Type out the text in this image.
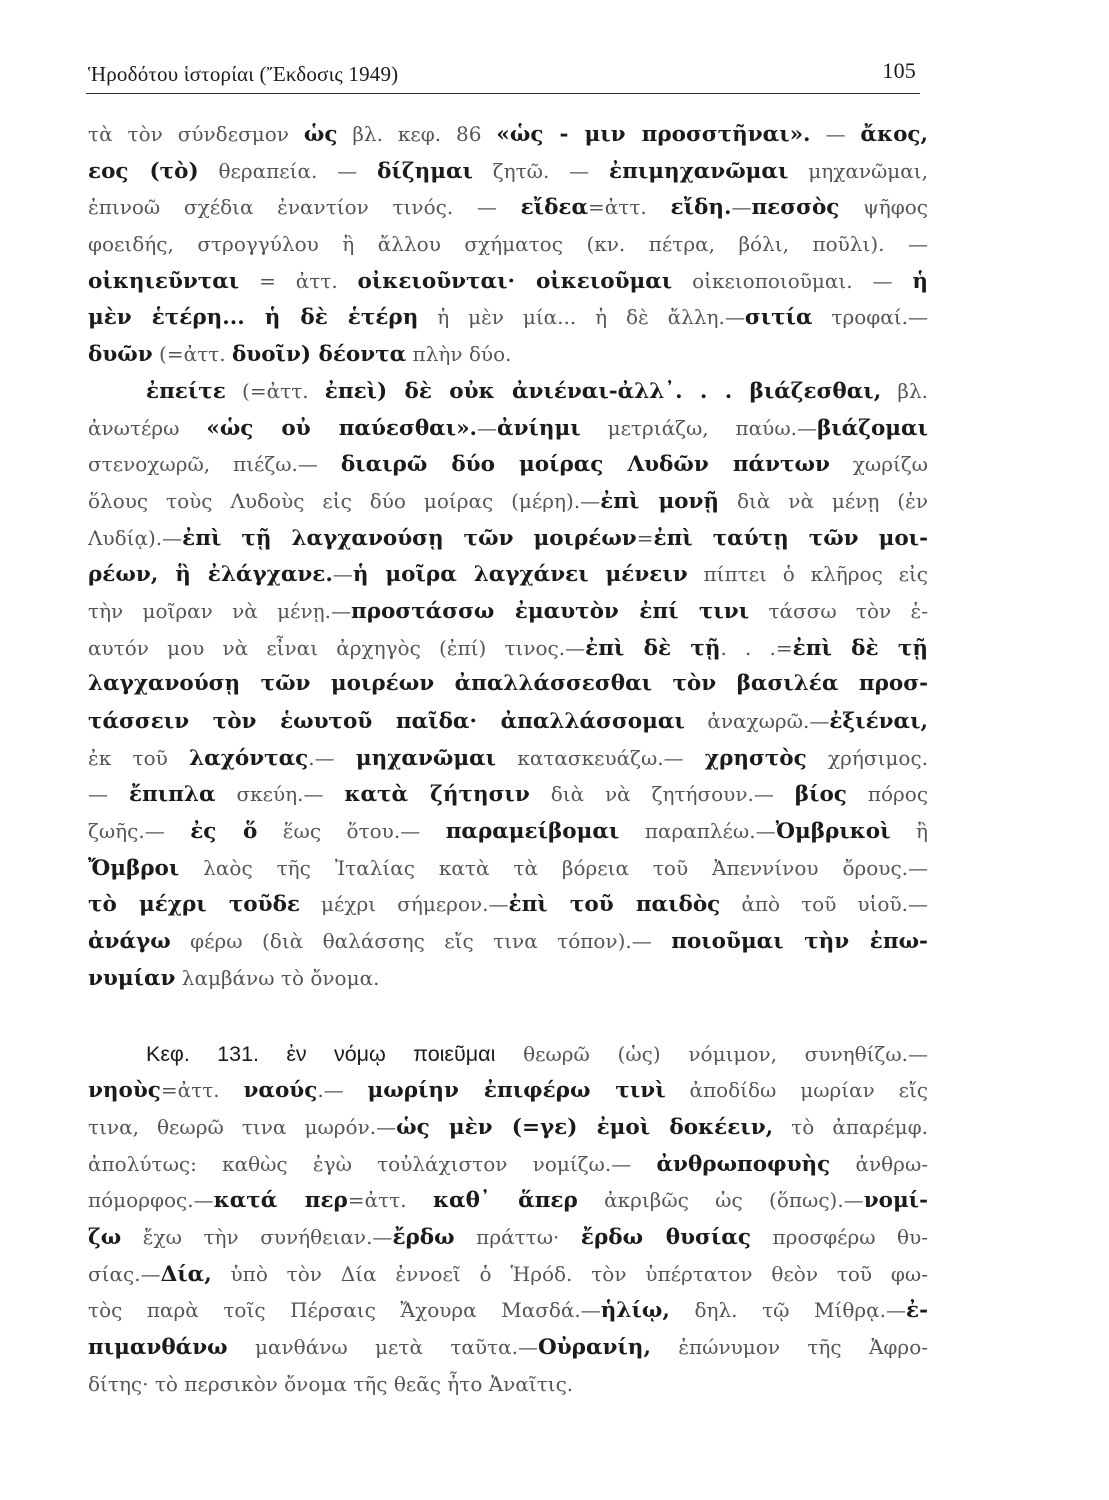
Ἡροδότου ἱστορίαι (Ἔκδοσις 1949)	105
τὰ τὸν σύνδεσμον ὡς βλ. κεφ. 86 «ὡς - μιν προσστῆναι». — ἄκος,
εος (τὸ) θεραπεία. — δίζημαι ζητῶ. — ἐπιμηχανῶμαι μηχανῶμαι,
ἐπινοῶ σχέδια ἐναντίον τινός. — εἴδεα=ἀττ. εἴδη.—πεσσὸς ψῆφος
φοειδής, στρογγύλου ἢ ἄλλου σχήματος (κν. πέτρα, βόλι, ποῦλι). —
οἰκηιεῦνται = ἀττ. οἰκειοῦνται· οἰκειοῦμαι οἰκειοποιοῦμαι. — ἡ
μὲν ἑτέρη... ἡ δὲ ἑτέρη ἡ μὲν μία... ἡ δὲ ἄλλη.—σιτία τροφαί.—
δυῶν (=ἀττ. δυοῖν) δέοντα πλὴν δύο.
ἐπείτε (=ἀττ. ἐπεὶ) δὲ οὐκ ἀνιέναι-ἀλλ᾽. . . βιάζεσθαι, βλ.
ἀνωτέρω «ὡς οὐ παύεσθαι».—ἀνίημι μετριάζω, παύω.—βιάζομαι
στενοχωρῶ, πιέζω.— διαιρῶ δύο μοίρας Λυδῶν πάντων χωρίζω
ὅλους τοὺς Λυδοὺς εἰς δύο μοίρας (μέρη).—ἐπὶ μονῇ διὰ νὰ μένῃ (ἐν
Λυδίᾳ).—ἐπὶ τῇ λαγχανούσῃ τῶν μοιρέων=ἐπὶ ταύτῃ τῶν μοι-
ρέων, ἣ ἐλάγχανε.—ἡ μοῖρα λαγχάνει μένειν πίπτει ὁ κλῆρος εἰς
τὴν μοῖραν νὰ μένῃ.—προστάσσω ἐμαυτὸν ἐπί τινι τάσσω τὸν ἑ-
αυτόν μου νὰ εἶναι ἀρχηγὸς (ἐπί) τινος.—ἐπὶ δὲ τῇ. . .=ἐπὶ δὲ τῇ
λαγχανούσῃ τῶν μοιρέων ἀπαλλάσσεσθαι τὸν βασιλέα προσ-
τάσσειν τὸν ἑωυτοῦ παῖδα· ἀπαλλάσσομαι ἀναχωρῶ.—ἐξιέναι,
ἐκ τοῦ λαχόντας.— μηχανῶμαι κατασκευάζω.— χρηστὸς χρήσιμος.
— ἔπιπλα σκεύη.— κατὰ ζήτησιν διὰ νὰ ζητήσουν.— βίος πόρος
ζωῆς.— ἐς ὅ ἕως ὅτου.— παραμείβομαι παραπλέω.—Ὀμβρικοὶ ἢ
Ὄμβροι λαὸς τῆς Ἰταλίας κατὰ τὰ βόρεια τοῦ Ἀπεννίνου ὄρους.—
τὸ μέχρι τοῦδε μέχρι σήμερον.—ἐπὶ τοῦ παιδὸς ἀπὸ τοῦ υἱοῦ.—
ἀνάγω φέρω (διὰ θαλάσσης εἴς τινα τόπον).— ποιοῦμαι τὴν ἐπω-
νυμίαν λαμβάνω τὸ ὄνομα.
Κεφ. 131. ἐν νόμῳ ποιεῦμαι θεωρῶ (ὡς) νόμιμον, συνηθίζω.—
νηοὺς=ἀττ. ναούς.— μωρίην ἐπιφέρω τινὶ ἀποδίδω μωρίαν εἴς
τινα, θεωρῶ τινα μωρόν.—ὡς μὲν (=γε) ἐμοὶ δοκέειν, τὸ ἀπαρέμφ.
ἀπολύτως: καθὼς ἐγὼ τοὐλάχιστον νομίζω.— ἀνθρωποφυὴς ἀνθρω-
πόμορφος.—κατά περ=ἀττ. καθ᾽ ἅπερ ἀκριβῶς ὡς (ὅπως).—νομί-
ζω ἔχω τὴν συνήθειαν.—ἔρδω πράττω· ἔρδω θυσίας προσφέρω θυ-
σίας.—Δία, ὑπὸ τὸν Δία ἐννοεῖ ὁ Ἡρόδ. τὸν ὑπέρτατον θεὸν τοῦ φω-
τὸς παρὰ τοῖς Πέρσαις Ἄχουρα Μασδά.—ἡλίῳ, δηλ. τῷ Μίθρᾳ.—ἐ-
πιμανθάνω μανθάνω μετὰ ταῦτα.—Οὐρανίη, ἐπώνυμον τῆς Ἀφρο-
δίτης· τὸ περσικὸν ὄνομα τῆς θεᾶς ἦτο Ἀναῖτις.
